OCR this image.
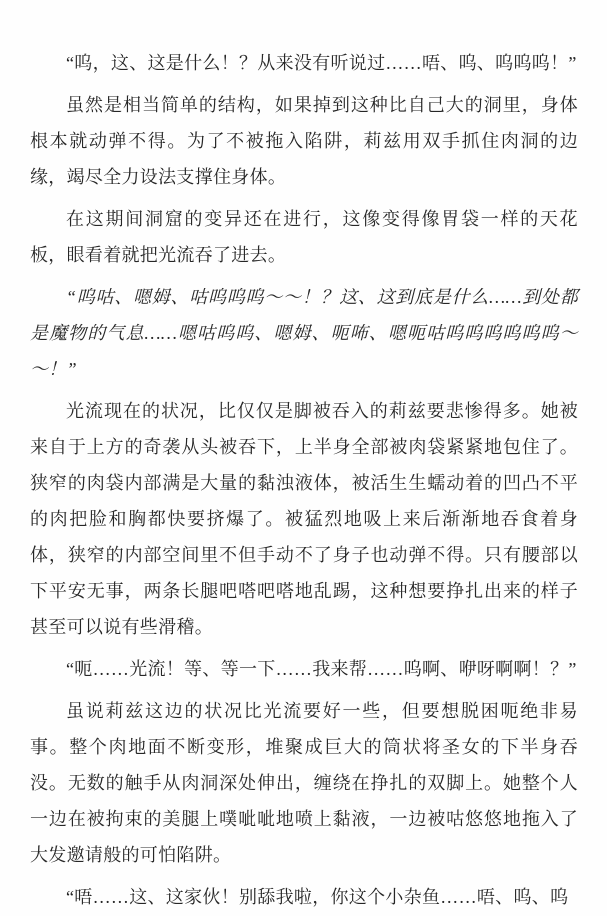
“呜，这、这是什么！？从来没有听说过……唔、呜、呜呜呜！”

虽然是相当简单的结构，如果掉到这种比自己大的洞里，身体根本就动弹不得。为了不被拖入陷阱，莉兹用双手抓住肉洞的边缘，竭尽全力设法支撑住身体。

在这期间洞窟的变异还在进行，这像变得像胃袋一样的天花板，眼看着就把光流吞了进去。

“呜咕、嗯姆、咕呜呜呜～～！？这、这到底是什么……到处都是魔物的气息……嗯咕呜呜、嗯姆、呃咘、嗯呃咕呜呜呜呜呜呜～～！”

光流现在的状况，比仅仅是脚被吞入的莉兹要悲惨得多。她被来自于上方的奇袭从头被吞下，上半身全部被肉袋紧紧地包住了。狭窄的肉袋内部满是大量的黏浊液体，被活生生蠕动着的凹凸不平的肉把脸和胸都快要挤爆了。被猛烈地吸上来后渐渐地吞食着身体，狭窄的内部空间里不但手动不了身子也动弹不得。只有腰部以下平安无事，两条长腿吧嗒吧嗒地乱踢，这种想要挣扎出来的样子甚至可以说有些滑稽。

“呃……光流！等、等一下……我来帮……呜啊、咿呀啊啊！？”

虽说莉兹这边的状况比光流要好一些，但要想脱困呃绝非易事。整个肉地面不断变形，堆聚成巨大的筒状将圣女的下半身吞没。无数的触手从肉洞深处伸出，缠绕在挣扎的双脚上。她整个人一边在被拘束的美腿上噗呲呲地喷上黏液，一边被咕悠悠地拖入了大发邀请般的可怕陷阱。

“唔……这、这家伙！别舔我啦，你这个小杂鱼……唔、呜、呜
